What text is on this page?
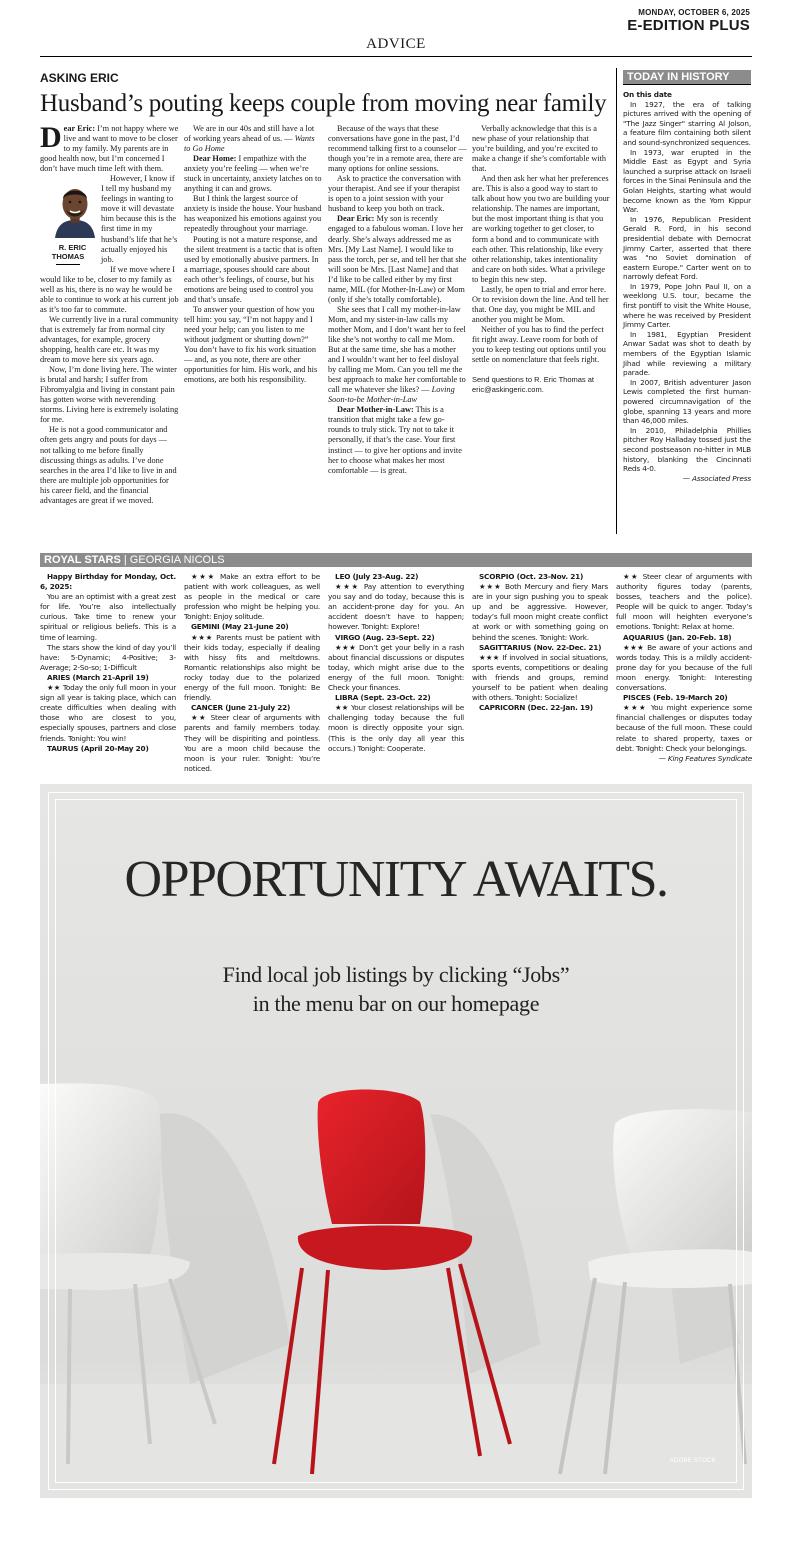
MONDAY, OCTOBER 6, 2025
E-EDITION PLUS
ADVICE
ASKING ERIC
Husband’s pouting keeps couple from moving near family

Dear Eric: I’m not happy where we live and want to move to be closer to my family. My parents are in good health now, but I’m concerned I don’t have much time left with them.

R. ERIC THOMAS
However, I know if I tell my husband my feelings in wanting to move it will devastate him because this is the first time in my husband’s life that he’s actually enjoyed his job.

If we move where I would like to be, closer to my family as well as his, there is no way he would be able to continue to work at his current job as it’s too far to commute.

We currently live in a rural community that is extremely far from normal city advantages, for example, grocery shopping, health care etc. It was my dream to move here six years ago.

Now, I’m done living here. The winter is brutal and harsh; I suffer from Fibromyalgia and living in constant pain has gotten worse with neverending storms. Living here is extremely isolating for me.

He is not a good communicator and often gets angry and pouts for days — not talking to me before finally discussing things as adults. I’ve done searches in the area I’d like to live in and there are multiple job opportunities for his career field, and the financial advantages are great if we moved.

We are in our 40s and still have a lot of working years ahead of us. — Wants to Go Home

Dear Home: I empathize with the anxiety you’re feeling — when we’re stuck in uncertainty, anxiety latches on to anything it can and grows.

But I think the largest source of anxiety is inside the house. Your husband has weaponized his emotions against you repeatedly throughout your marriage.

Pouting is not a mature response, and the silent treatment is a tactic that is often used by emotionally abusive partners. In a marriage, spouses should care about each other’s feelings, of course, but his emotions are being used to control you and that’s unsafe.

To answer your question of how you tell him: you say, “I’m not happy and I need your help; can you listen to me without judgment or shutting down?” You don’t have to fix his work situation — and, as you note, there are other opportunities for him. His work, and his emotions, are both his responsibility.

Because of the ways that these conversations have gone in the past, I’d recommend talking first to a counselor — though you’re in a remote area, there are many options for online sessions.

Ask to practice the conversation with your therapist. And see if your therapist is open to a joint session with your husband to keep you both on track.

Dear Eric: My son is recently engaged to a fabulous woman. I love her dearly. She’s always addressed me as Mrs. [My Last Name]. I would like to pass the torch, per se, and tell her that she will soon be Mrs. [Last Name] and that I’d like to be called either by my first name, MIL (for Mother-In-Law) or Mom (only if she’s totally comfortable).

She sees that I call my mother-in-law Mom, and my sister-in-law calls my mother Mom, and I don’t want her to feel like she’s not worthy to call me Mom. But at the same time, she has a mother and I wouldn’t want her to feel disloyal by calling me Mom. Can you tell me the best approach to make her comfortable to call me whatever she likes? — Loving Soon-to-be Mother-in-Law

Dear Mother-in-Law: This is a transition that might take a few go-rounds to truly stick. Try not to take it personally, if that’s the case. Your first instinct — to give her options and invite her to choose what makes her most comfortable — is great.

Verbally acknowledge that this is a new phase of your relationship that you’re building, and you’re excited to make a change if she’s comfortable with that.

And then ask her what her preferences are. This is also a good way to start to talk about how you two are building your relationship. The names are important, but the most important thing is that you are working together to get closer, to form a bond and to communicate with each other. This relationship, like every other relationship, takes intentionality and care on both sides. What a privilege to begin this new step.

Lastly, be open to trial and error here. Or to revision down the line. And tell her that. One day, you might be MIL and another you might be Mom.

Neither of you has to find the perfect fit right away. Leave room for both of you to keep testing out options until you settle on nomenclature that feels right.

Send questions to R. Eric Thomas at eric@askingeric.com.

TODAY IN HISTORY

On this date

In 1927, the era of talking pictures arrived with the opening of "The Jazz Singer" starring Al Jolson, a feature film containing both silent and sound-synchronized sequences.

In 1973, war erupted in the Middle East as Egypt and Syria launched a surprise attack on Israeli forces in the Sinai Peninsula and the Golan Heights, starting what would become known as the Yom Kippur War.

In 1976, Republican President Gerald R. Ford, in his second presidential debate with Democrat Jimmy Carter, asserted that there was "no Soviet domination of eastern Europe." Carter went on to narrowly defeat Ford.

In 1979, Pope John Paul II, on a weeklong U.S. tour, became the first pontiff to visit the White House, where he was received by President Jimmy Carter.

In 1981, Egyptian President Anwar Sadat was shot to death by members of the Egyptian Islamic Jihad while reviewing a military parade.

In 2007, British adventurer Jason Lewis completed the first human-powered circumnavigation of the globe, spanning 13 years and more than 46,000 miles.

In 2010, Philadelphia Phillies pitcher Roy Halladay tossed just the second postseason no-hitter in MLB history, blanking the Cincinnati Reds 4-0.

— Associated Press

ROYAL STARS | GEORGIA NICOLS

Happy Birthday for Monday, Oct. 6, 2025:

You are an optimist with a great zest for life. You’re also intellectually curious. Take time to renew your spiritual or religious beliefs. This is a time of learning.

The stars show the kind of day you’ll have: 5-Dynamic; 4-Positive; 3-Average; 2-So-so; 1-Difficult

ARIES (March 21-April 19)

★★ Today the only full moon in your sign all year is taking place, which can create difficulties when dealing with those who are closest to you, especially spouses, partners and close friends. Tonight: You win!

TAURUS (April 20-May 20)

★★★ Make an extra effort to be patient with work colleagues, as well as people in the medical or care profession who might be helping you. Tonight: Enjoy solitude.

GEMINI (May 21-June 20)

★★★ Parents must be patient with their kids today, especially if dealing with hissy fits and meltdowns. Romantic relationships also might be rocky today due to the polarized energy of the full moon. Tonight: Be friendly.

CANCER (June 21-July 22)

★★ Steer clear of arguments with parents and family members today. They will be dispiriting and pointless. You are a moon child because the moon is your ruler. Tonight: You’re noticed.

LEO (July 23-Aug. 22)

★★★ Pay attention to everything you say and do today, because this is an accident-prone day for you. An accident doesn’t have to happen; however. Tonight: Explore!

VIRGO (Aug. 23-Sept. 22)

★★★ Don’t get your belly in a rash about financial discussions or disputes today, which might arise due to the energy of the full moon. Tonight: Check your finances.

LIBRA (Sept. 23-Oct. 22)

★★ Your closest relationships will be challenging today because the full moon is directly opposite your sign. (This is the only day all year this occurs.) Tonight: Cooperate.

SCORPIO (Oct. 23-Nov. 21)

★★★ Both Mercury and fiery Mars are in your sign pushing you to speak up and be aggressive. However, today’s full moon might create conflict at work or with something going on behind the scenes. Tonight: Work.

SAGITTARIUS (Nov. 22-Dec. 21)

★★★ If involved in social situations, sports events, competitions or dealing with friends and groups, remind yourself to be patient when dealing with others. Tonight: Socialize!

CAPRICORN (Dec. 22-Jan. 19)

★★ Steer clear of arguments with authority figures today (parents, bosses, teachers and the police). People will be quick to anger. Today’s full moon will heighten everyone’s emotions. Tonight: Relax at home.

AQUARIUS (Jan. 20-Feb. 18)

★★★ Be aware of your actions and words today. This is a mildly accident-prone day for you because of the full moon energy. Tonight: Interesting conversations.

PISCES (Feb. 19-March 20)

★★★ You might experience some financial challenges or disputes today because of the full moon. These could relate to shared property, taxes or debt. Tonight: Check your belongings.

— King Features Syndicate

OPPORTUNITY AWAITS.
Find local job listings by clicking “Jobs”
in the menu bar on our homepage
ADOBE STOCK
